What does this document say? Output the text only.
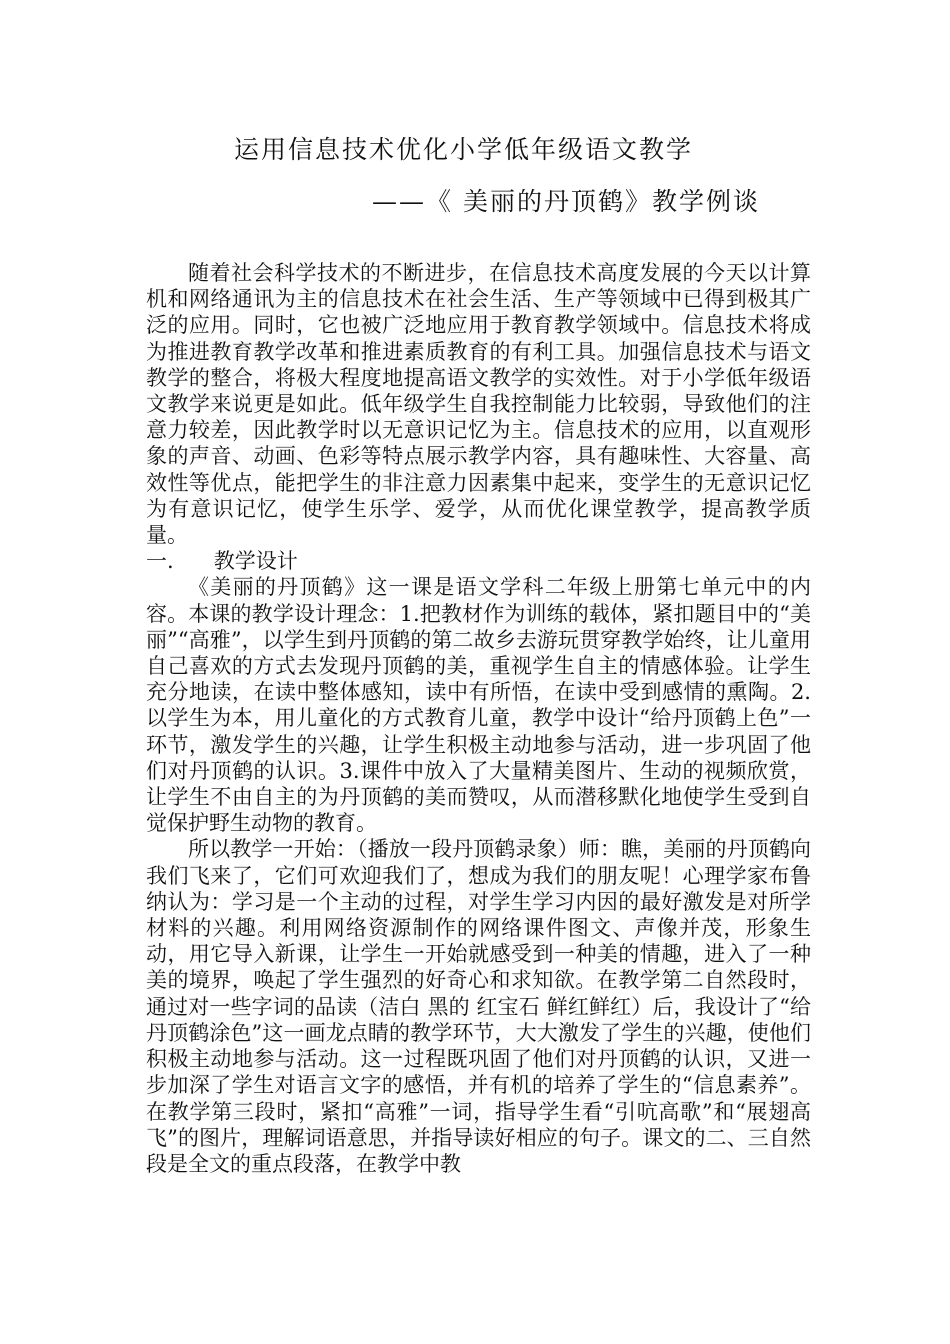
运用信息技术优化小学低年级语文教学
——《 美丽的丹顶鹤》教学例谈

随着社会科学技术的不断进步，在信息技术高度发展的今天以计算机和网络通讯为主的信息技术在社会生活、生产等领域中已得到极其广泛的应用。同时，它也被广泛地应用于教育教学领域中。信息技术将成为推进教育教学改革和推进素质教育的有利工具。加强信息技术与语文教学的整合，将极大程度地提高语文教学的实效性。对于小学低年级语文教学来说更是如此。低年级学生自我控制能力比较弱，导致他们的注意力较差，因此教学时以无意识记忆为主。信息技术的应用，以直观形象的声音、动画、色彩等特点展示教学内容，具有趣味性、大容量、高效性等优点，能把学生的非注意力因素集中起来，变学生的无意识记忆为有意识记忆，使学生乐学、爱学，从而优化课堂教学，提高教学质量。

一.      教学设计

《美丽的丹顶鹤》这一课是语文学科二年级上册第七单元中的内容。本课的教学设计理念：1.把教材作为训练的载体，紧扣题目中的“美丽”“高雅”，以学生到丹顶鹤的第二故乡去游玩贯穿教学始终，让儿童用自己喜欢的方式去发现丹顶鹤的美，重视学生自主的情感体验。让学生充分地读，在读中整体感知，读中有所悟，在读中受到感情的熏陶。2.以学生为本，用儿童化的方式教育儿童，教学中设计“给丹顶鹤上色”一环节，激发学生的兴趣，让学生积极主动地参与活动，进一步巩固了他们对丹顶鹤的认识。3.课件中放入了大量精美图片、生动的视频欣赏，让学生不由自主的为丹顶鹤的美而赞叹，从而潜移默化地使学生受到自觉保护野生动物的教育。

所以教学一开始：（播放一段丹顶鹤录象）师：瞧，美丽的丹顶鹤向我们飞来了，它们可欢迎我们了，想成为我们的朋友呢！心理学家布鲁纳认为：学习是一个主动的过程，对学生学习内因的最好激发是对所学材料的兴趣。利用网络资源制作的网络课件图文、声像并茂，形象生动，用它导入新课，让学生一开始就感受到一种美的情趣，进入了一种美的境界，唤起了学生强烈的好奇心和求知欲。在教学第二自然段时，通过对一些字词的品读（洁白 黑的 红宝石 鲜红鲜红）后，我设计了“给丹顶鹤涂色”这一画龙点睛的教学环节，大大激发了学生的兴趣，使他们积极主动地参与活动。这一过程既巩固了他们对丹顶鹤的认识，又进一步加深了学生对语言文字的感悟，并有机的培养了学生的“信息素养”。在教学第三段时，紧扣“高雅”一词，指导学生看“引吭高歌”和“展翅高飞”的图片，理解词语意思，并指导读好相应的句子。课文的二、三自然段是全文的重点段落，在教学中教
